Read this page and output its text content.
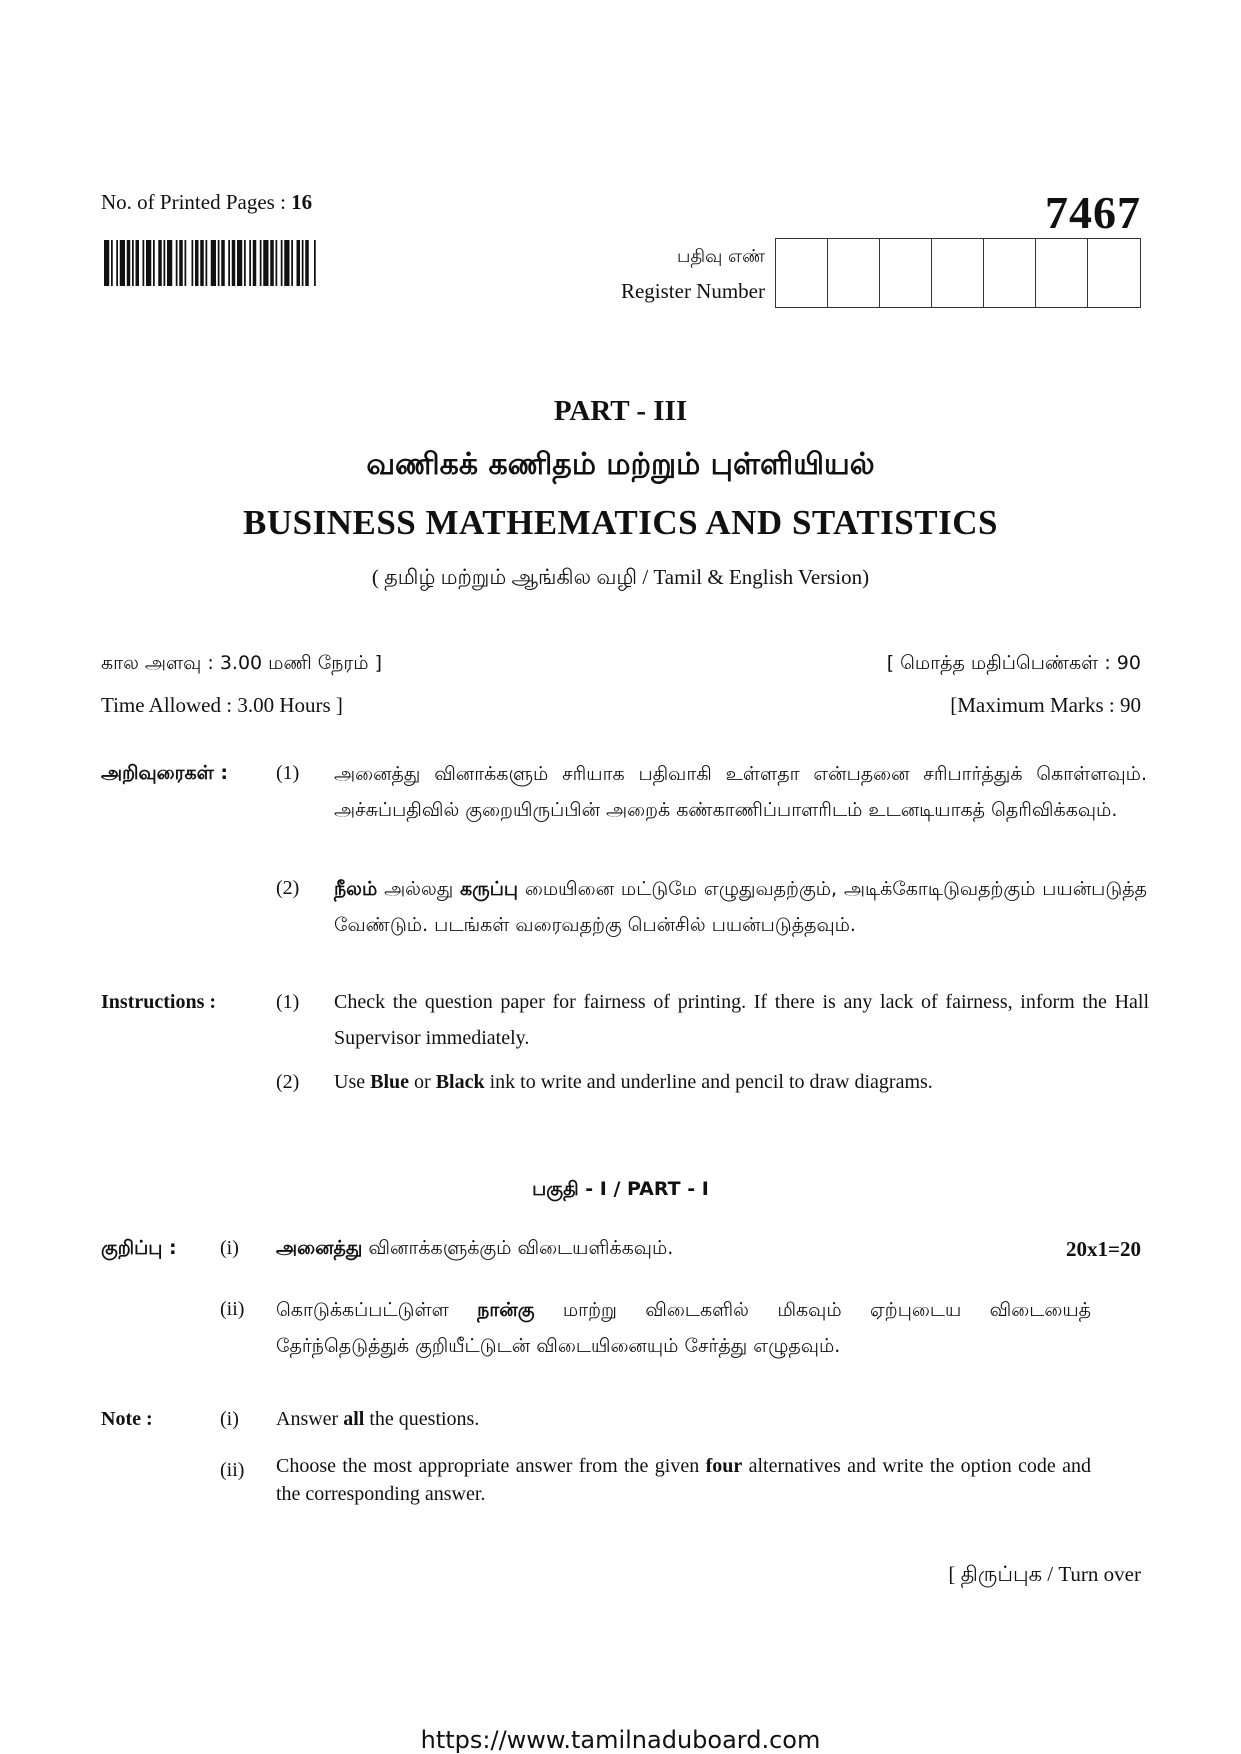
No. of Printed Pages : 16	7467
பதிவு எண்
Register Number
PART - III
வணிகக் கணிதம் மற்றும் புள்ளியியல்
BUSINESS MATHEMATICS AND STATISTICS
( தமிழ் மற்றும் ஆங்கில வழி / Tamil & English Version)
கால அளவு : 3.00 மணி நேரம் ]	[ மொத்த மதிப்பெண்கள் : 90
Time Allowed : 3.00 Hours ]	[Maximum Marks : 90
அறிவுரைகள் : (1) அனைத்து வினாக்களும் சரியாக பதிவாகி உள்ளதா என்பதனை சரிபார்த்துக் கொள்ளவும். அச்சுப்பதிவில் குறையிருப்பின் அறைக் கண்காணிப்பாளரிடம் உடனடியாகத் தெரிவிக்கவும்.
(2) நீலம் அல்லது கருப்பு மையினை மட்டுமே எழுதுவதற்கும், அடிக்கோடிடுவதற்கும் பயன்படுத்த வேண்டும். படங்கள் வரைவதற்கு பென்சில் பயன்படுத்தவும்.
Instructions :	(1) Check the question paper for fairness of printing. If there is any lack of fairness, inform the Hall Supervisor immediately.
(2) Use Blue or Black ink to write and underline and pencil to draw diagrams.
பகுதி - I / PART - I
குறிப்பு : (i) அனைத்து வினாக்களுக்கும் விடையளிக்கவும்.	20x1=20
(ii) கொடுக்கப்பட்டுள்ள நான்கு மாற்று விடைகளில் மிகவும் ஏற்புடைய விடையைத் தேர்ந்தெடுத்துக் குறியீட்டுடன் விடையினையும் சேர்த்து எழுதவும்.
Note :	(i) Answer all the questions.
(ii) Choose the most appropriate answer from the given four alternatives and write the option code and the corresponding answer.
[ திருப்புக / Turn over
https://www.tamilnaduboard.com
